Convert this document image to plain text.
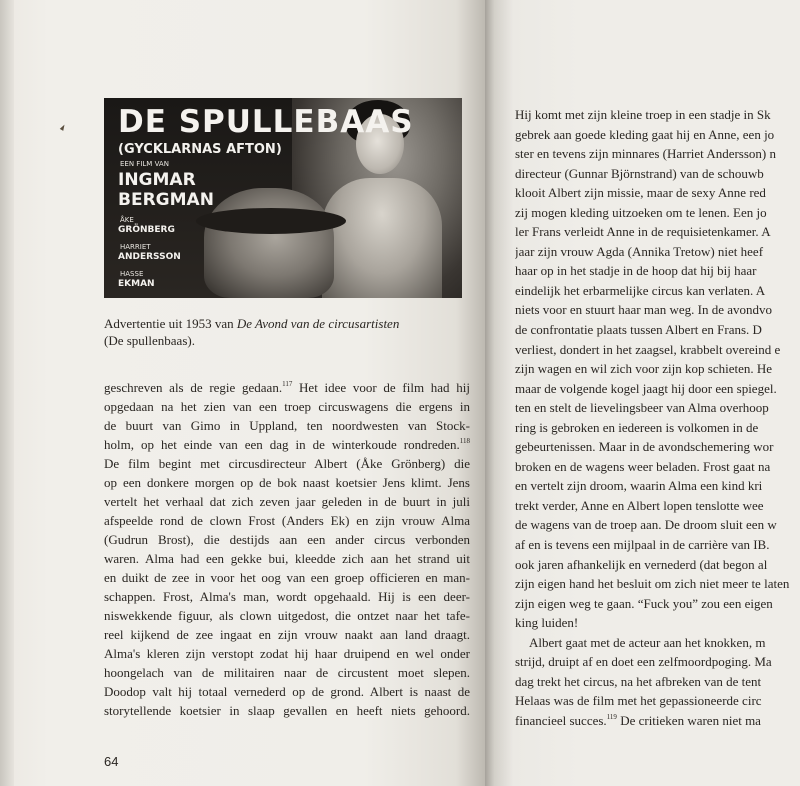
DE SPULLEBAAS
(GYCKLARNAS AFTON)
EEN FILM VAN
INGMAR
BERGMAN
ÅKE
GRÖNBERG
HARRIET
ANDERSSON
HASSE
EKMAN
Advertentie uit 1953 van De Avond van de circusartisten
(De spullenbaas).
geschreven als de regie gedaan.$^{117}$ Het idee voor de film had hij
opgedaan na het zien van een troep circuswagens die ergens in
de buurt van Gimo in Uppland, ten noordwesten van Stock-
holm, op het einde van een dag in de winterkoude rondreden.$^{118}$
De film begint met circusdirecteur Albert (Åke Grönberg) die
op een donkere morgen op de bok naast koetsier Jens klimt. Jens
vertelt het verhaal dat zich zeven jaar geleden in de buurt in juli
afspeelde rond de clown Frost (Anders Ek) en zijn vrouw Alma
(Gudrun Brost), die destijds aan een ander circus verbonden
waren. Alma had een gekke bui, kleedde zich aan het strand uit
en duikt de zee in voor het oog van een groep officieren en man-
schappen. Frost, Alma's man, wordt opgehaald. Hij is een deer-
niswekkende figuur, als clown uitgedost, die ontzet naar het tafe-
reel kijkend de zee ingaat en zijn vrouw naakt aan land draagt.
Alma's kleren zijn verstopt zodat hij haar druipend en wel onder
hoongelach van de militairen naar de circustent moet slepen.
Doodop valt hij totaal vernederd op de grond. Albert is naast de
storytellende koetsier in slaap gevallen en heeft niets gehoord.
64
Hij komt met zijn kleine troep in een stadje in Sk
gebrek aan goede kleding gaat hij en Anne, een jo
ster en tevens zijn minnares (Harriet Andersson) n
directeur (Gunnar Björnstrand) van de schouwb
klooit Albert zijn missie, maar de sexy Anne red
zij mogen kleding uitzoeken om te lenen. Een jo
ler Frans verleidt Anne in de requisietenkamer. A
jaar zijn vrouw Agda (Annika Tretow) niet heef
haar op in het stadje in de hoop dat hij bij haar
eindelijk het erbarmelijke circus kan verlaten. A
niets voor en stuurt haar man weg. In de avondvo
de confrontatie plaats tussen Albert en Frans. D
verliest, dondert in het zaagsel, krabbelt overeind e
zijn wagen en wil zich voor zijn kop schieten. He
maar de volgende kogel jaagt hij door een spiegel.
ten en stelt de lievelingsbeer van Alma overhoop
ring is gebroken en iedereen is volkomen in de
gebeurtenissen. Maar in de avondschemering wor
broken en de wagens weer beladen. Frost gaat na
en vertelt zijn droom, waarin Alma een kind kri
trekt verder, Anne en Albert lopen tenslotte wee
de wagens van de troep aan. De droom sluit een w
af en is tevens een mijlpaal in de carrière van IB.
ook jaren afhankelijk en vernederd (dat begon al
zijn eigen hand het besluit om zich niet meer te laten
zijn eigen weg te gaan. “Fuck you” zou een eigen
king luiden!
Albert gaat met de acteur aan het knokken, m
strijd, druipt af en doet een zelfmoordpoging. Ma
dag trekt het circus, na het afbreken van de tent
Helaas was de film met het gepassioneerde circ
financieel succes.$^{119}$ De critieken waren niet ma
